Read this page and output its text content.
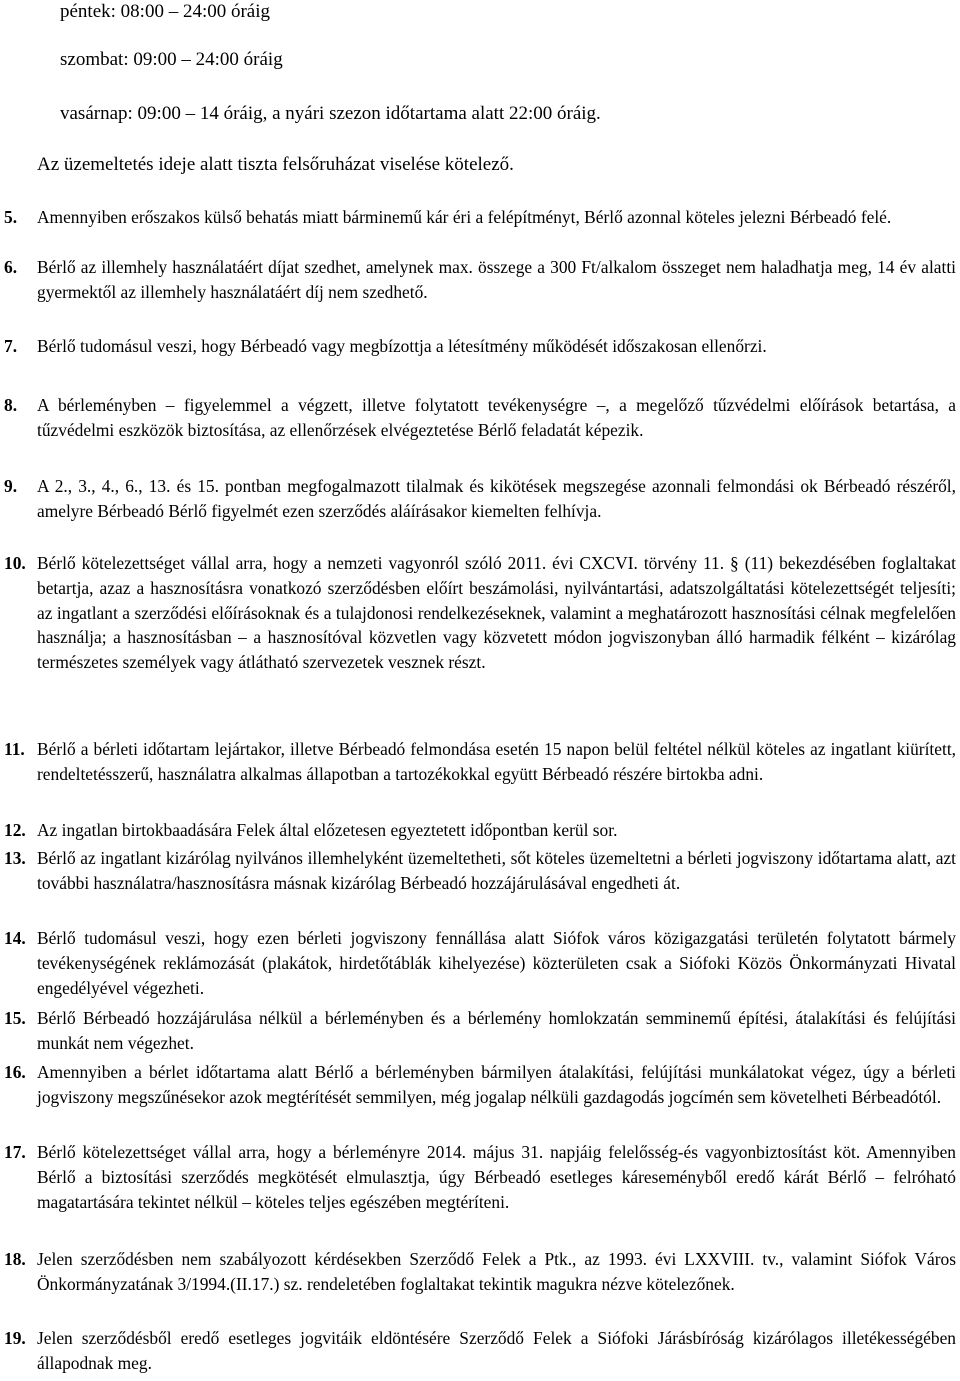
péntek: 08:00 – 24:00 óráig
szombat: 09:00 – 24:00 óráig
vasárnap: 09:00 – 14 óráig, a nyári szezon időtartama alatt 22:00 óráig.
Az üzemeltetés ideje alatt tiszta felsőruházat viselése kötelező.
5. Amennyiben erőszakos külső behatás miatt bárminemű kár éri a felépítményt, Bérlő azonnal köteles jelezni Bérbeadó felé.
6. Bérlő az illemhely használatáért díjat szedhet, amelynek max. összege a 300 Ft/alkalom összeget nem haladhatja meg, 14 év alatti gyermektől az illemhely használatáért díj nem szedhető.
7. Bérlő tudomásul veszi, hogy Bérbeadó vagy megbízottja a létesítmény működését időszakosan ellenőrzi.
8. A bérleményben – figyelemmel a végzett, illetve folytatott tevékenységre –, a megelőző tűzvédelmi előírások betartása, a tűzvédelmi eszközök biztosítása, az ellenőrzések elvégeztetése Bérlő feladatát képezik.
9. A 2., 3., 4., 6., 13. és 15. pontban megfogalmazott tilalmak és kikötések megszegése azonnali felmondási ok Bérbeadó részéről, amelyre Bérbeadó Bérlő figyelmét ezen szerződés aláírásakor kiemelten felhívja.
10. Bérlő kötelezettséget vállal arra, hogy a nemzeti vagyonról szóló 2011. évi CXCVI. törvény 11. § (11) bekezdésében foglaltakat betartja, azaz a hasznosításra vonatkozó szerződésben előírt beszámolási, nyilvántartási, adatszolgáltatási kötelezettségét teljesíti; az ingatlant a szerződési előírásoknak és a tulajdonosi rendelkezéseknek, valamint a meghatározott hasznosítási célnak megfelelően használja; a hasznosításban – a hasznosítóval közvetlen vagy közvetett módon jogviszonyban álló harmadik félként – kizárólag természetes személyek vagy átlátható szervezetek vesznek részt.
11. Bérlő a bérleti időtartam lejártakor, illetve Bérbeadó felmondása esetén 15 napon belül feltétel nélkül köteles az ingatlant kiürített, rendeltetésszerű, használatra alkalmas állapotban a tartozékokkal együtt Bérbeadó részére birtokba adni.
12. Az ingatlan birtokbaadására Felek által előzetesen egyeztetett időpontban kerül sor.
13. Bérlő az ingatlant kizárólag nyilvános illemhelyként üzemeltetheti, sőt köteles üzemeltetni a bérleti jogviszony időtartama alatt, azt további használatra/hasznosításra másnak kizárólag Bérbeadó hozzájárulásával engedheti át.
14. Bérlő tudomásul veszi, hogy ezen bérleti jogviszony fennállása alatt Siófok város közigazgatási területén folytatott bármely tevékenységének reklámozását (plakátok, hirdetőtáblák kihelyezése) közterületen csak a Siófoki Közös Önkormányzati Hivatal engedélyével végezheti.
15. Bérlő Bérbeadó hozzájárulása nélkül a bérleményben és a bérlemény homlokzatán semminemű építési, átalakítási és felújítási munkát nem végezhet.
16. Amennyiben a bérlet időtartama alatt Bérlő a bérleményben bármilyen átalakítási, felújítási munkálatokat végez, úgy a bérleti jogviszony megszűnésekor azok megtérítését semmilyen, még jogalap nélküli gazdagodás jogcímén sem követelheti Bérbeadótól.
17. Bérlő kötelezettséget vállal arra, hogy a bérleményre 2014. május 31. napjáig felelősség-és vagyonbiztosítást köt. Amennyiben Bérlő a biztosítási szerződés megkötését elmulasztja, úgy Bérbeadó esetleges káreseményből eredő kárát Bérlő – felróható magatartására tekintet nélkül – köteles teljes egészében megtéríteni.
18. Jelen szerződésben nem szabályozott kérdésekben Szerződő Felek a Ptk., az 1993. évi LXXVIII. tv., valamint Siófok Város Önkormányzatának 3/1994.(II.17.) sz. rendeletében foglaltakat tekintik magukra nézve kötelezőnek.
19. Jelen szerződésből eredő esetleges jogvitáik eldöntésére Szerződő Felek a Siófoki Járásbíróság kizárólagos illetékességében állapodnak meg.
